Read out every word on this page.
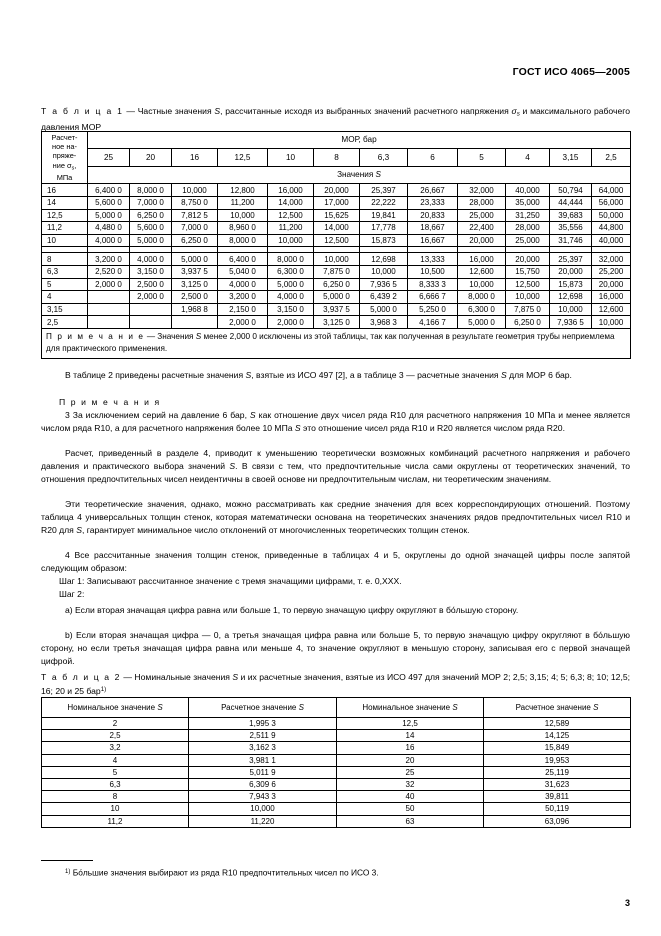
ГОСТ ИСО 4065—2005

Т а б л и ц а 1 — Частные значения S, рассчитанные исходя из выбранных значений расчетного напряжения $\sigma_s$ и максимального рабочего давления МОР

Расчет-
ное на-
пряже-
ние $\sigma_s$,
МПа	МОР, бар											
	25	20	16	12,5	10	8	6,3	6	5	4	3,15	2,5
	Значения S											
16	6,400 0	8,000 0	10,000	12,800	16,000	20,000	25,397	26,667	32,000	40,000	50,794	64,000
14	5,600 0	7,000 0	8,750 0	11,200	14,000	17,000	22,222	23,333	28,000	35,000	44,444	56,000
12,5	5,000 0	6,250 0	7,812 5	10,000	12,500	15,625	19,841	20,833	25,000	31,250	39,683	50,000
11,2	4,480 0	5,600 0	7,000 0	8,960 0	11,200	14,000	17,778	18,667	22,400	28,000	35,556	44,800
10	4,000 0	5,000 0	6,250 0	8,000 0	10,000	12,500	15,873	16,667	20,000	25,000	31,746	40,000

8	3,200 0	4,000 0	5,000 0	6,400 0	8,000 0	10,000	12,698	13,333	16,000	20,000	25,397	32,000
6,3	2,520 0	3,150 0	3,937 5	5,040 0	6,300 0	7,875 0	10,000	10,500	12,600	15,750	20,000	25,200
5	2,000 0	2,500 0	3,125 0	4,000 0	5,000 0	6,250 0	7,936 5	8,333 3	10,000	12,500	15,873	20,000
4		2,000 0	2,500 0	3,200 0	4,000 0	5,000 0	6,439 2	6,666 7	8,000 0	10,000	12,698	16,000
3,15			1,968 8	2,150 0	3,150 0	3,937 5	5,000 0	5,250 0	6,300 0	7,875 0	10,000	12,600
2,5				2,000 0	2,000 0	3,125 0	3,968 3	4,166 7	5,000 0	6,250 0	7,936 5	10,000
П р и м е ч а н и е — Значения S менее 2,000 0 исключены из этой таблицы, так как полученная в результате геометрия трубы неприемлема для практического применения.												

В таблице 2 приведены расчетные значения S, взятые из ИСО 497 [2], а в таблице 3 — расчетные значения S для МОР 6 бар.

П р и м е ч а н и я

3 За исключением серий на давление 6 бар, S как отношение двух чисел ряда R10 для расчетного напряжения 10 МПа и менее является числом ряда R10, а для расчетного напряжения более 10 МПа S это отношение чисел ряда R10 и R20 является числом ряда R20.

Расчет, приведенный в разделе 4, приводит к уменьшению теоретически возможных комбинаций расчетного напряжения и рабочего давления и практического выбора значений S. В связи с тем, что предпочтительные числа сами округлены от теоретических значений, то отношения предпочтительных чисел неидентичны в своей основе ни предпочтительным числам, ни теоретическим значениям.

Эти теоретические значения, однако, можно рассматривать как средние значения для всех корреспондирующих отношений. Поэтому таблица 4 универсальных толщин стенок, которая математически основана на теоретических значениях рядов предпочтительных чисел R10 и R20 для S, гарантирует минимальное число отклонений от многочисленных теоретических толщин стенок.

4 Все рассчитанные значения толщин стенок, приведенные в таблицах 4 и 5, округлены до одной значащей цифры после запятой следующим образом:

Шаг 1: Записывают рассчитанное значение с тремя значащими цифрами, т. е. 0,XXX.

Шаг 2:

а) Если вторая значащая цифра равна или больше 1, то первую значащую цифру округляют в бо́льшую сторону.

b) Если вторая значащая цифра — 0, а третья значащая цифра равна или больше 5, то первую значащую цифру округляют в бо́льшую сторону, но если третья значащая цифра равна или меньше 4, то значение округляют в меньшую сторону, записывая его с первой значащей цифрой.

Т а б л и ц а 2 — Номинальные значения S и их расчетные значения, взятые из ИСО 497 для значений МОР 2; 2,5; 3,15; 4; 5; 6,3; 8; 10; 12,5; 16; 20 и 25 бар$^{1)}$

Номинальное значение S	Расчетное значение S	Номинальное значение S	Расчетное значение S
2	1,995 3	12,5	12,589
2,5	2,511 9	14	14,125
3,2	3,162 3	16	15,849
4	3,981 1	20	19,953
5	5,011 9	25	25,119
6,3	6,309 6	32	31,623
8	7,943 3	40	39,811
10	10,000	50	50,119
11,2	11,220	63	63,096
$^{1)}$ Бо́льшие значения выбирают из ряда R10 предпочтительных чисел по ИСО 3.
3
